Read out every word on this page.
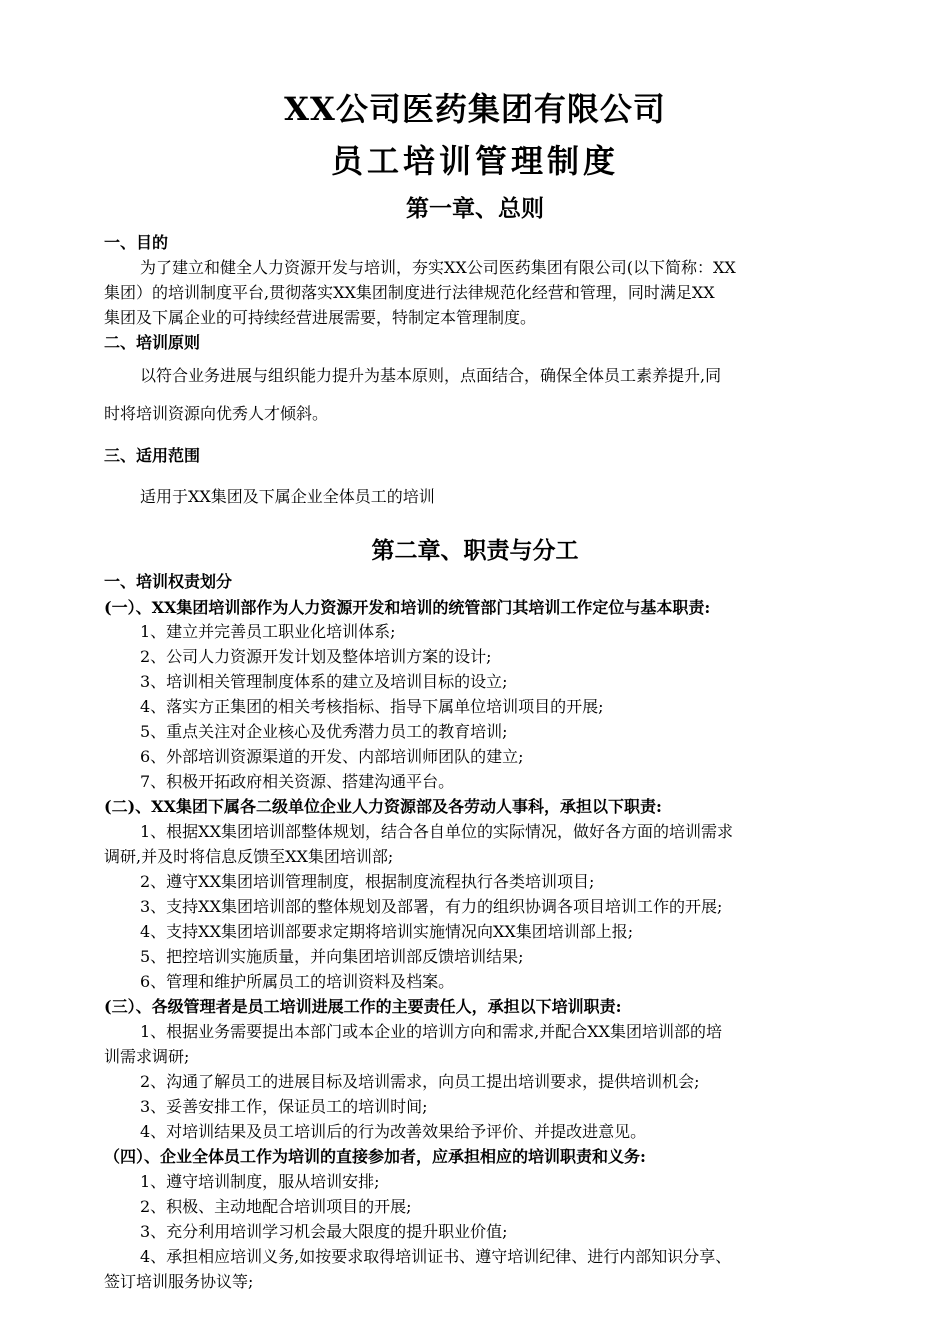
XX公司医药集团有限公司
员工培训管理制度
第一章、总则
一、目的
为了建立和健全人力资源开发与培训，夯实XX公司医药集团有限公司(以下简称：XX
集团）的培训制度平台,贯彻落实XX集团制度进行法律规范化经营和管理，同时满足XX
集团及下属企业的可持续经营进展需要，特制定本管理制度。
二、培训原则
以符合业务进展与组织能力提升为基本原则，点面结合，确保全体员工素养提升,同
时将培训资源向优秀人才倾斜。
三、适用范围
适用于XX集团及下属企业全体员工的培训
第二章、职责与分工
一、培训权责划分
(一）、XX集团培训部作为人力资源开发和培训的统管部门其培训工作定位与基本职责:
1、建立并完善员工职业化培训体系;
2、公司人力资源开发计划及整体培训方案的设计;
3、培训相关管理制度体系的建立及培训目标的设立;
4、落实方正集团的相关考核指标、指导下属单位培训项目的开展;
5、重点关注对企业核心及优秀潜力员工的教育培训;
6、外部培训资源渠道的开发、内部培训师团队的建立;
7、积极开拓政府相关资源、搭建沟通平台。
(二)、XX集团下属各二级单位企业人力资源部及各劳动人事科，承担以下职责:
1、根据XX集团培训部整体规划，结合各自单位的实际情况，做好各方面的培训需求
调研,并及时将信息反馈至XX集团培训部;
2、遵守XX集团培训管理制度，根据制度流程执行各类培训项目;
3、支持XX集团培训部的整体规划及部署，有力的组织协调各项目培训工作的开展;
4、支持XX集团培训部要求定期将培训实施情况向XX集团培训部上报;
5、把控培训实施质量，并向集团培训部反馈培训结果;
6、管理和维护所属员工的培训资料及档案。
(三）、各级管理者是员工培训进展工作的主要责任人，承担以下培训职责:
1、根据业务需要提出本部门或本企业的培训方向和需求,并配合XX集团培训部的培
训需求调研;
2、沟通了解员工的进展目标及培训需求，向员工提出培训要求，提供培训机会;
3、妥善安排工作，保证员工的培训时间;
4、对培训结果及员工培训后的行为改善效果给予评价、并提改进意见。
（四）、企业全体员工作为培训的直接参加者，应承担相应的培训职责和义务:
1、遵守培训制度，服从培训安排;
2、积极、主动地配合培训项目的开展;
3、充分利用培训学习机会最大限度的提升职业价值;
4、承担相应培训义务,如按要求取得培训证书、遵守培训纪律、进行内部知识分享、
签订培训服务协议等;
